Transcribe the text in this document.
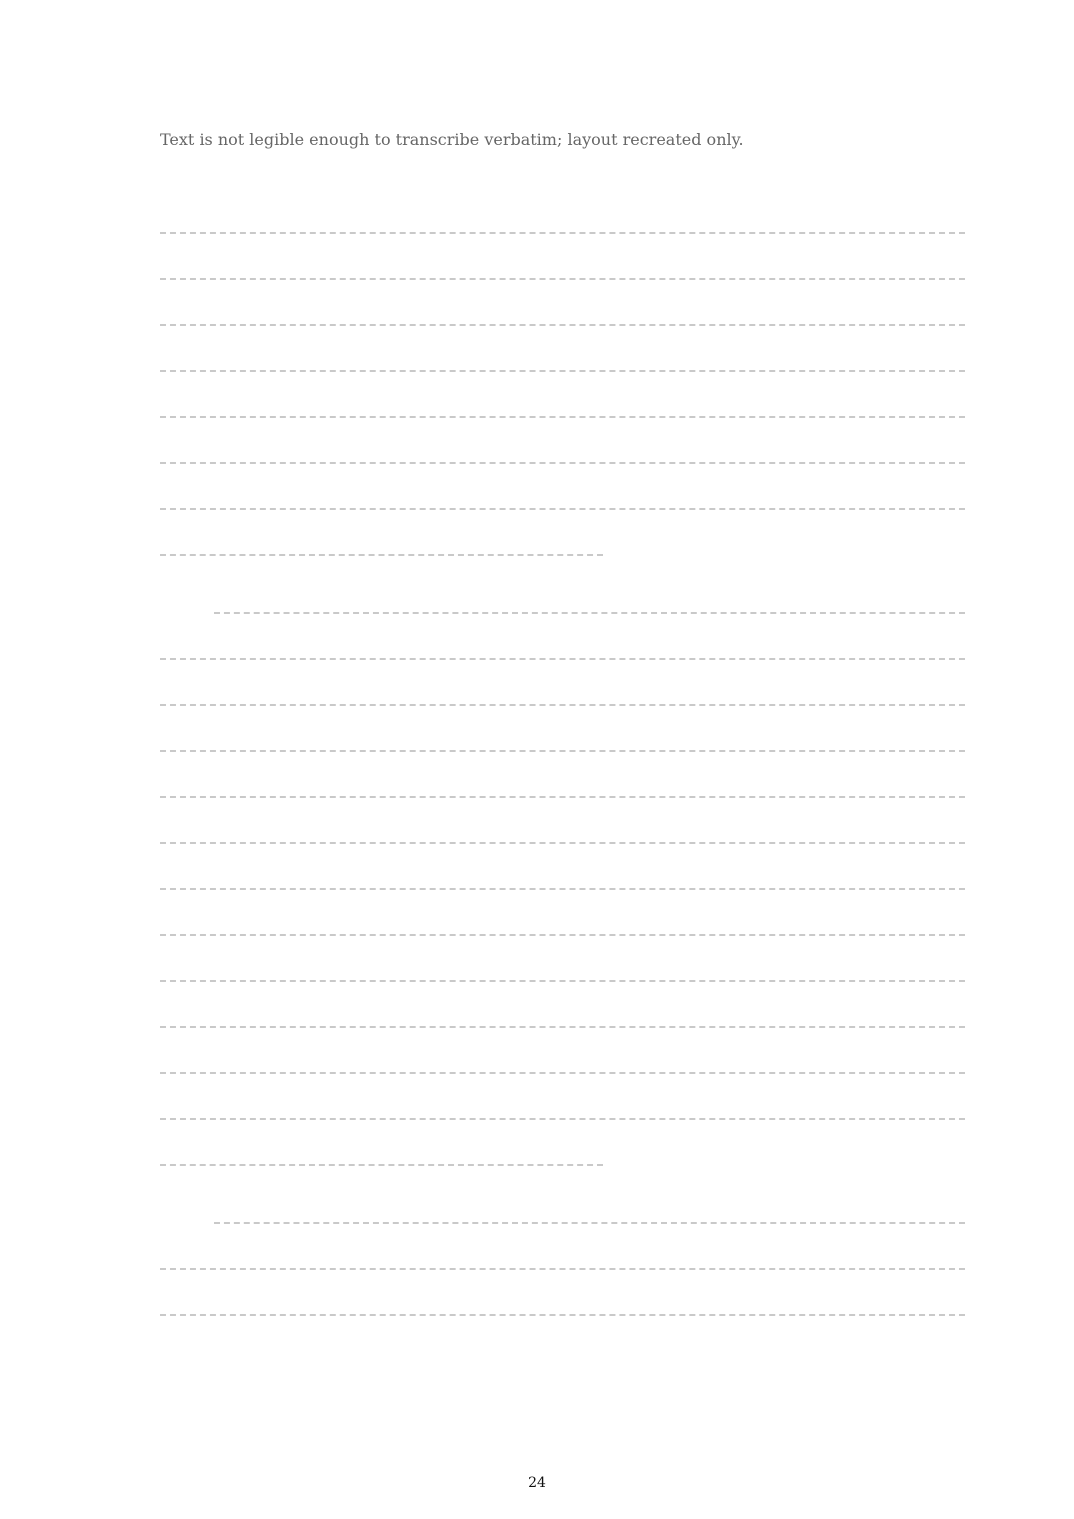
Text is not legible enough to transcribe verbatim; layout recreated only.
24
